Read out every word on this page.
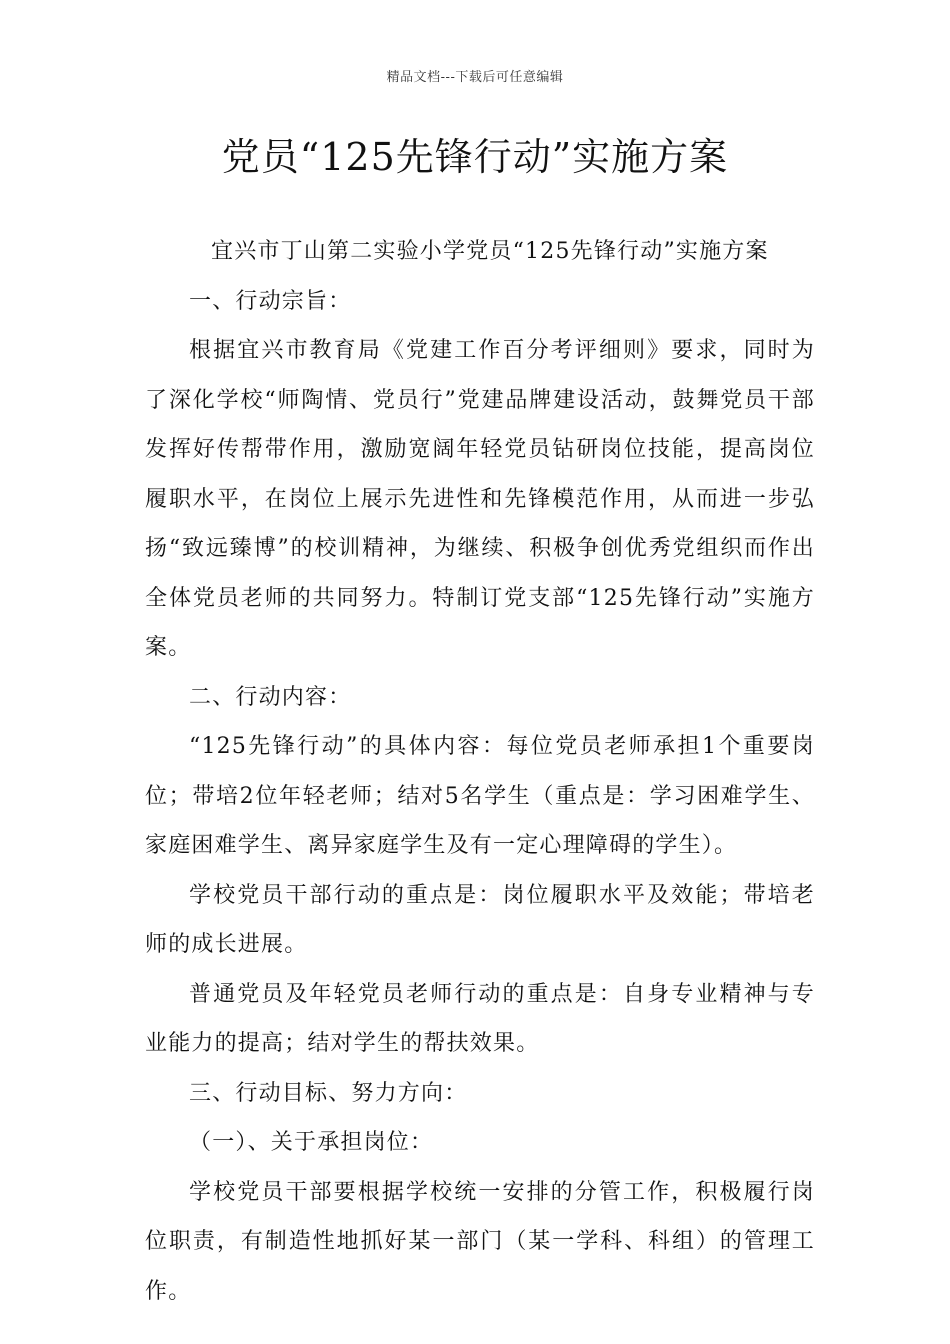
精品文档---下载后可任意编辑
党员“125先锋行动”实施方案

宜兴市丁山第二实验小学党员“125先锋行动”实施方案

一、行动宗旨：

根据宜兴市教育局《党建工作百分考评细则》要求，同时为了深化学校“师陶情、党员行”党建品牌建设活动，鼓舞党员干部发挥好传帮带作用，激励宽阔年轻党员钻研岗位技能，提高岗位履职水平，在岗位上展示先进性和先锋模范作用，从而进一步弘扬“致远臻博”的校训精神，为继续、积极争创优秀党组织而作出全体党员老师的共同努力。特制订党支部“125先锋行动”实施方案。

二、行动内容：

“125先锋行动”的具体内容：每位党员老师承担1个重要岗位；带培2位年轻老师；结对5名学生（重点是：学习困难学生、家庭困难学生、离异家庭学生及有一定心理障碍的学生）。

学校党员干部行动的重点是：岗位履职水平及效能；带培老师的成长进展。

普通党员及年轻党员老师行动的重点是：自身专业精神与专业能力的提高；结对学生的帮扶效果。

三、行动目标、努力方向：

（一）、关于承担岗位：

学校党员干部要根据学校统一安排的分管工作，积极履行岗位职责，有制造性地抓好某一部门（某一学科、科组）的管理工作。
